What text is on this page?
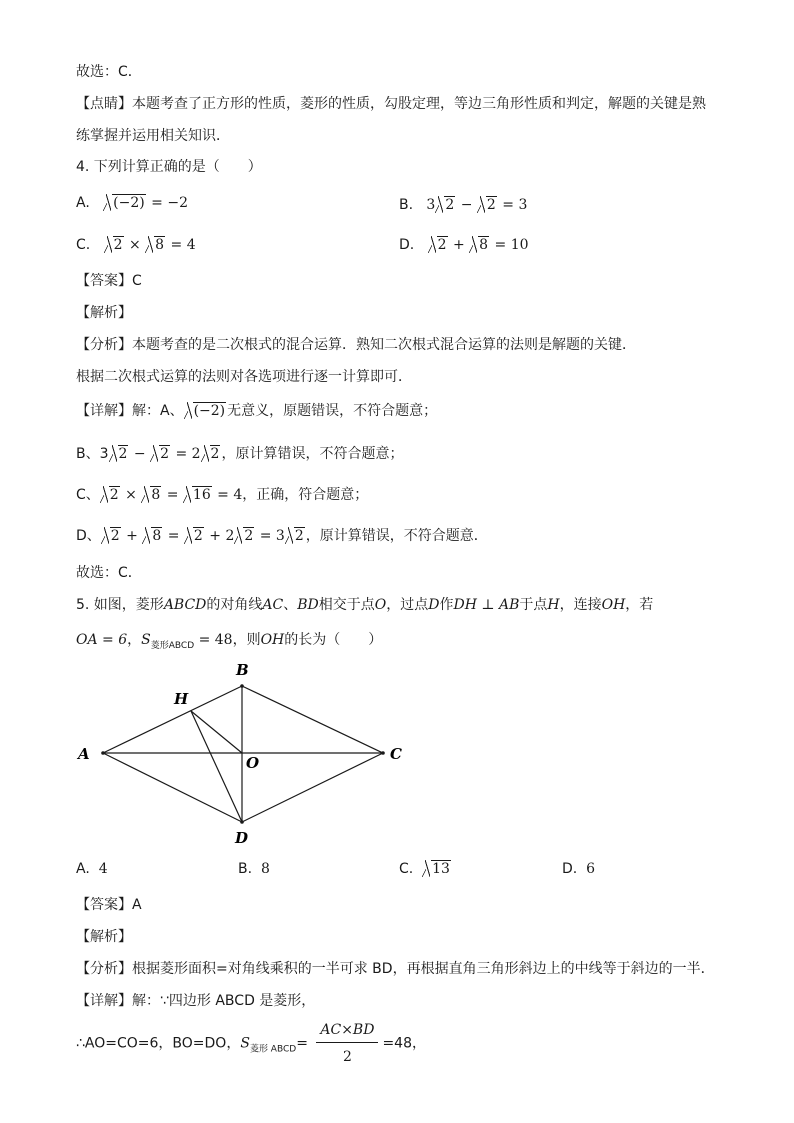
故选：C．
【点睛】本题考查了正方形的性质，菱形的性质，勾股定理，等边三角形性质和判定，解题的关键是熟
练掌握并运用相关知识．
4. 下列计算正确的是（　　）
A. (−2) = −2	B. 3 2 − 2 = 3
C. 2 × 8 = 4	D. 2 + 8 = 10
【答案】C
【解析】
【分析】本题考查的是二次根式的混合运算．熟知二次根式混合运算的法则是解题的关键．
根据二次根式运算的法则对各选项进行逐一计算即可．
【详解】解：A、 (−2) 无意义，原题错误，不符合题意；
B、3 2 − 2 = 2 2 ，原计算错误，不符合题意；
C、 2 × 8 = 16 = 4，正确，符合题意；
D、 2 + 8 = 2 + 2 2 = 3 2 ，原计算错误，不符合题意．
故选：C．
5. 如图，菱形ABCD的对角线AC、BD相交于点O，过点D作DH ⊥ AB于点H，连接OH，若
OA = 6，$S_{菱形ABCD} = 48$，则OH的长为（　　）
A
B
C
D
H
O
A. 4	B. 8	C. 13	D. 6
【答案】A
【解析】
【分析】根据菱形面积=对角线乘积的一半可求 BD，再根据直角三角形斜边上的中线等于斜边的一半．
【详解】解：∵四边形 ABCD 是菱形，
∴AO=CO=6，BO=DO，$S_{菱形 ABCD}= \frac{AC\times BD}{2} =48$，
